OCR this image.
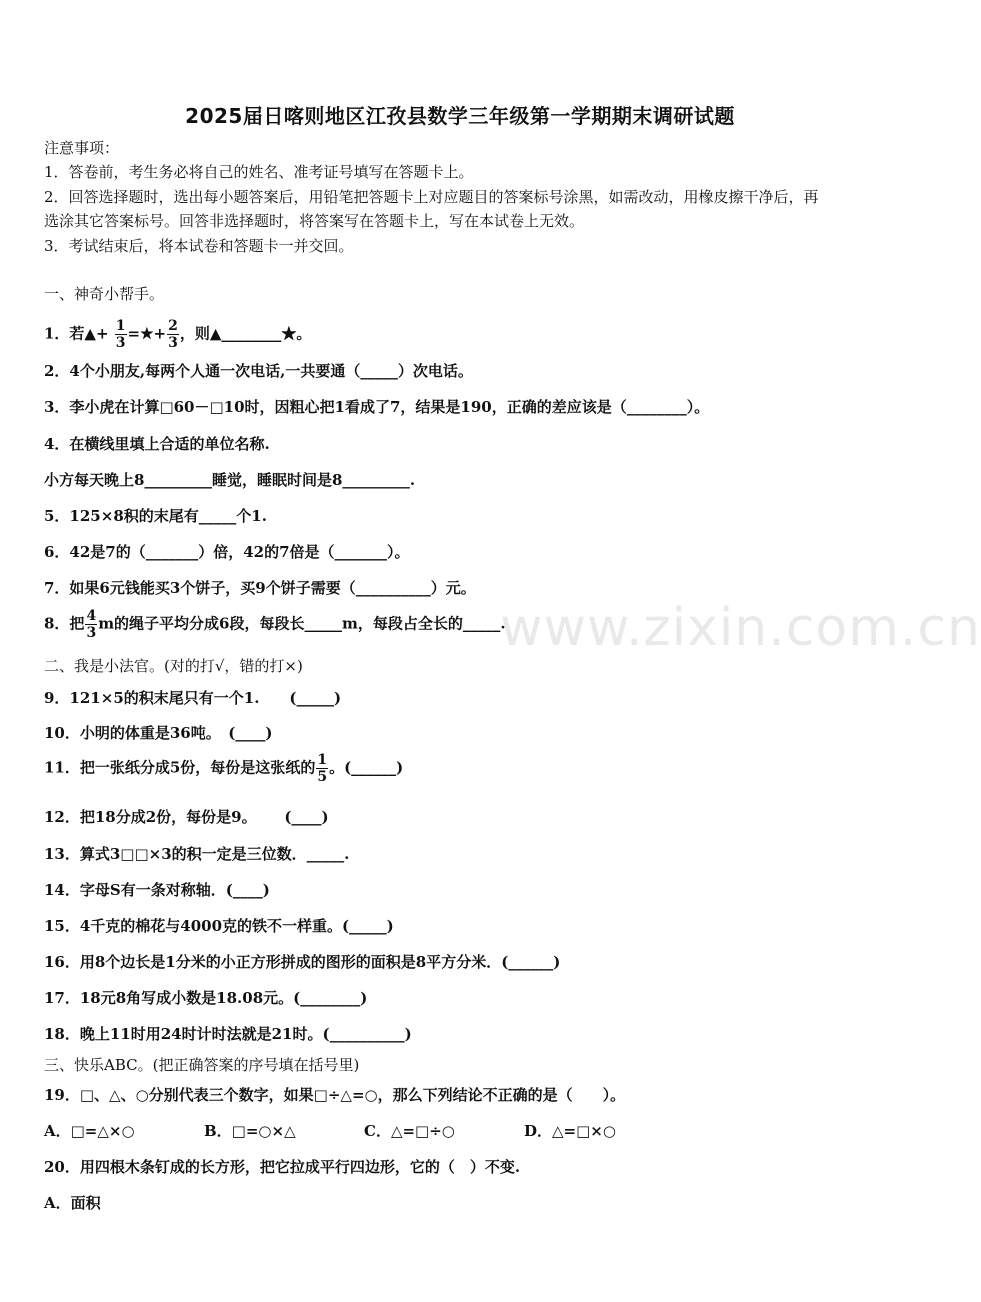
2025届日喀则地区江孜县数学三年级第一学期期末调研试题
注意事项：
1．答卷前，考生务必将自己的姓名、准考证号填写在答题卡上。
2．回答选择题时，选出每小题答案后，用铅笔把答题卡上对应题目的答案标号涂黑，如需改动，用橡皮擦干净后，再
选涂其它答案标号。回答非选择题时，将答案写在答题卡上，写在本试卷上无效。
3．考试结束后，将本试卷和答题卡一并交回。
一、神奇小帮手。
1．若▲+ $\frac{1}{3}$ =★+ $\frac{2}{3}$ ，则▲________★。
2．4个小朋友,每两个人通一次电话,一共要通（_____）次电话。
3．李小虎在计算□60－□10时，因粗心把1看成了7，结果是190，正确的差应该是（________）。
4．在横线里填上合适的单位名称.
小方每天晚上8_________睡觉，睡眠时间是8_________.
5．125×8积的末尾有_____个1.
6．42是7的（_______）倍，42的7倍是（_______）。
7．如果6元钱能买3个饼子，买9个饼子需要（__________）元。
8．把 $\frac{4}{3}$ m的绳子平均分成6段，每段长_____m，每段占全长的_____.
二、我是小法官。(对的打√，错的打×)
9．121×5的积末尾只有一个1.　　(_____)
10．小明的体重是36吨。　(____)
11．把一张纸分成5份，每份是这张纸的 $\frac{1}{5}$ 。(______)
12．把18分成2份，每份是9。　　 (____)
13．算式3□□×3的积一定是三位数．_____.
14．字母S有一条对称轴．(____)
15．4千克的棉花与4000克的铁不一样重。(_____)
16．用8个边长是1分米的小正方形拼成的图形的面积是8平方分米．(______)
17．18元8角写成小数是18.08元。(________)
18．晚上11时用24时计时法就是21时。(__________)
三、快乐ABC。(把正确答案的序号填在括号里)
19．□、△、○分别代表三个数字，如果□÷△=○，那么下列结论不正确的是（　　）。
A．□=△×○	B．□=○×△	C．△=□÷○	D．△=□×○
20．用四根木条钉成的长方形，把它拉成平行四边形，它的（　）不变.
A．面积
www.zixin.com.cn
